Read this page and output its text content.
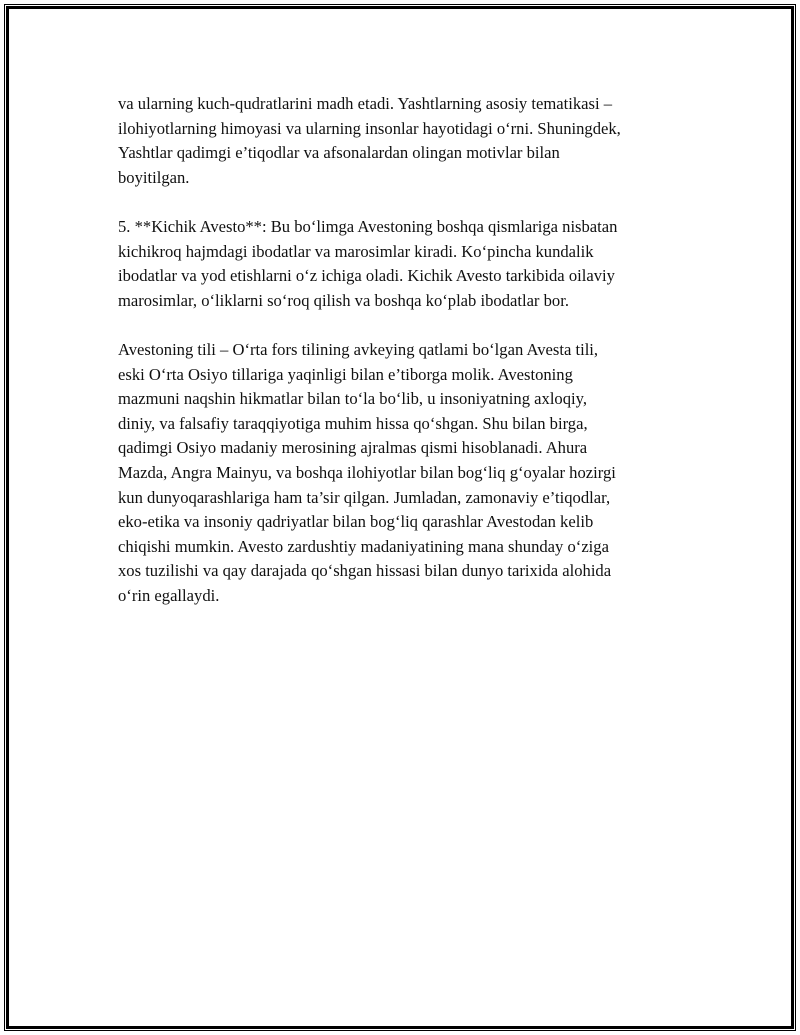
va ularning kuch-qudratlarini madh etadi. Yashtlarning asosiy tematikasi –
ilohiyotlarning himoyasi va ularning insonlar hayotidagi o‘rni. Shuningdek,
Yashtlar qadimgi e’tiqodlar va afsonalardan olingan motivlar bilan
boyitilgan.

5. **Kichik Avesto**: Bu bo‘limga Avestoning boshqa qismlariga nisbatan
kichikroq hajmdagi ibodatlar va marosimlar kiradi. Ko‘pincha kundalik
ibodatlar va yod etishlarni o‘z ichiga oladi. Kichik Avesto tarkibida oilaviy
marosimlar, o‘liklarni so‘roq qilish va boshqa ko‘plab ibodatlar bor.

Avestoning tili – O‘rta fors tilining avkeying qatlami bo‘lgan Avesta tili,
eski O‘rta Osiyo tillariga yaqinligi bilan e’tiborga molik. Avestoning
mazmuni naqshin hikmatlar bilan to‘la bo‘lib, u insoniyatning axloqiy,
diniy, va falsafiy taraqqiyotiga muhim hissa qo‘shgan. Shu bilan birga,
qadimgi Osiyo madaniy merosining ajralmas qismi hisoblanadi. Ahura
Mazda, Angra Mainyu, va boshqa ilohiyotlar bilan bog‘liq g‘oyalar hozirgi
kun dunyoqarashlariga ham ta’sir qilgan. Jumladan, zamonaviy e’tiqodlar,
eko-etika va insoniy qadriyatlar bilan bog‘liq qarashlar Avestodan kelib
chiqishi mumkin. Avesto zardushtiy madaniyatining mana shunday o‘ziga
xos tuzilishi va qay darajada qo‘shgan hissasi bilan dunyo tarixida alohida
o‘rin egallaydi.
